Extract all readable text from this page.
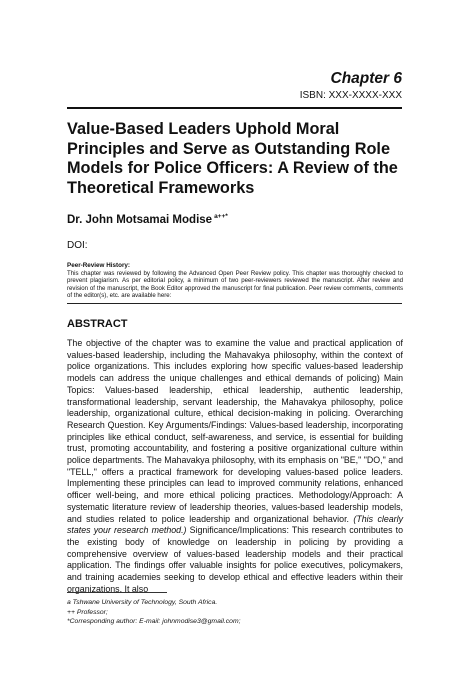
Chapter 6
ISBN: XXX-XXXX-XXX
Value-Based Leaders Uphold Moral Principles and Serve as Outstanding Role Models for Police Officers: A Review of the Theoretical Frameworks
Dr. John Motsamai Modise $^{a++*}$
DOI:
Peer-Review History:
This chapter was reviewed by following the Advanced Open Peer Review policy. This chapter was thoroughly checked to prevent plagiarism. As per editorial policy, a minimum of two peer-reviewers reviewed the manuscript. After review and revision of the manuscript, the Book Editor approved the manuscript for final publication. Peer review comments, comments of the editor(s), etc. are available here:
ABSTRACT

The objective of the chapter was to examine the value and practical application of values-based leadership, including the Mahavakya philosophy, within the context of police organizations. This includes exploring how specific values-based leadership models can address the unique challenges and ethical demands of policing) Main Topics: Values-based leadership, ethical leadership, authentic leadership, transformational leadership, servant leadership, the Mahavakya philosophy, police leadership, organizational culture, ethical decision-making in policing. Overarching Research Question. Key Arguments/Findings: Values-based leadership, incorporating principles like ethical conduct, self-awareness, and service, is essential for building trust, promoting accountability, and fostering a positive organizational culture within police departments. The Mahavakya philosophy, with its emphasis on "BE," "DO," and "TELL," offers a practical framework for developing values-based police leaders. Implementing these principles can lead to improved community relations, enhanced officer well-being, and more ethical policing practices. Methodology/Approach: A systematic literature review of leadership theories, values-based leadership models, and studies related to police leadership and organizational behavior. (This clearly states your research method.) Significance/Implications: This research contributes to the existing body of knowledge on leadership in policing by providing a comprehensive overview of values-based leadership models and their practical application. The findings offer valuable insights for police executives, policymakers, and training academies seeking to develop ethical and effective leaders within their organizations. It also

a Tshwane University of Technology, South Africa.
++ Professor;
*Corresponding author: E-mail: johnmodise3@gmail.com;
